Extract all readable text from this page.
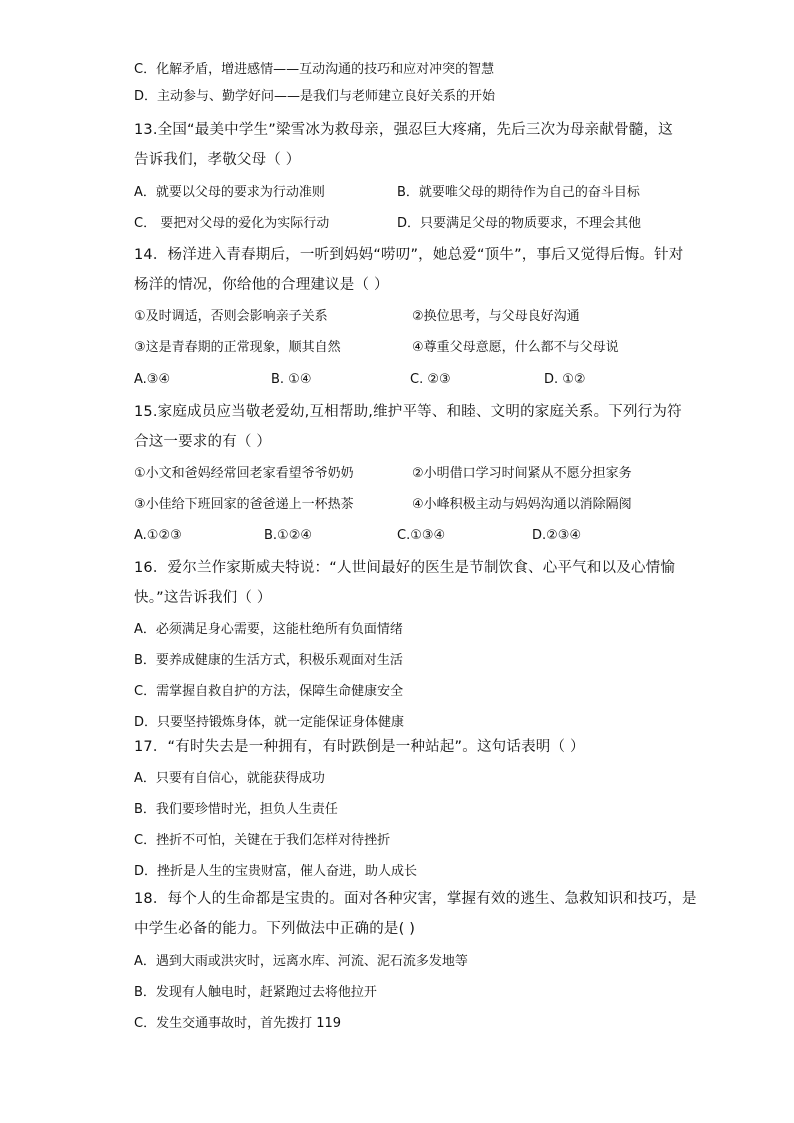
C．化解矛盾，增进感情——互动沟通的技巧和应对冲突的智慧
D．主动参与、勤学好问——是我们与老师建立良好关系的开始
13.全国“最美中学生”梁雪冰为救母亲，强忍巨大疼痛，先后三次为母亲献骨髓，这
告诉我们，孝敬父母（ ）
A．就要以父母的要求为行动准则	B．就要唯父母的期待作为自己的奋斗目标
C． 要把对父母的爱化为实际行动	D．只要满足父母的物质要求，不理会其他
14．杨洋进入青春期后，一听到妈妈“唠叨”，她总爱“顶牛”，事后又觉得后悔。针对
杨洋的情况，你给他的合理建议是（ ）
①及时调适，否则会影响亲子关系	②换位思考，与父母良好沟通
③这是青春期的正常现象，顺其自然	④尊重父母意愿，什么都不与父母说
A.③④	B. ①④	C. ②③	D. ①②
15.家庭成员应当敬老爱幼,互相帮助,维护平等、和睦、文明的家庭关系。下列行为符
合这一要求的有（ ）
①小文和爸妈经常回老家看望爷爷奶奶	②小明借口学习时间紧从不愿分担家务
③小佳给下班回家的爸爸递上一杯热茶	④小峰积极主动与妈妈沟通以消除隔阂
A.①②③	B.①②④	C.①③④	D.②③④
16．爱尔兰作家斯威夫特说：“人世间最好的医生是节制饮食、心平气和以及心情愉
快。”这告诉我们（ ）
A．必须满足身心需要，这能杜绝所有负面情绪
B．要养成健康的生活方式，积极乐观面对生活
C．需掌握自救自护的方法，保障生命健康安全
D．只要坚持锻炼身体，就一定能保证身体健康
17．“有时失去是一种拥有，有时跌倒是一种站起”。这句话表明（ ）
A．只要有自信心，就能获得成功
B．我们要珍惜时光，担负人生责任
C．挫折不可怕，关键在于我们怎样对待挫折
D．挫折是人生的宝贵财富，催人奋进，助人成长
18．每个人的生命都是宝贵的。面对各种灾害，掌握有效的逃生、急救知识和技巧，是
中学生必备的能力。下列做法中正确的是( )
A．遇到大雨或洪灾时，远离水库、河流、泥石流多发地等
B．发现有人触电时，赶紧跑过去将他拉开
C．发生交通事故时，首先拨打 119
